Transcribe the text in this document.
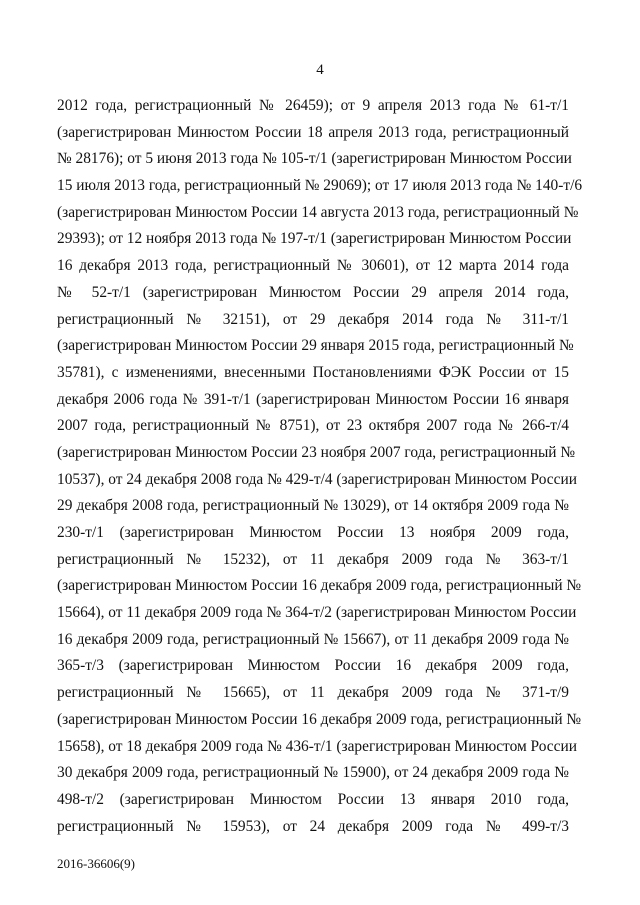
4
2012 года, регистрационный № 26459); от 9 апреля 2013 года № 61-т/1
(зарегистрирован Минюстом России 18 апреля 2013 года, регистрационный
№ 28176); от 5 июня 2013 года № 105-т/1 (зарегистрирован Минюстом России
15 июля 2013 года, регистрационный № 29069); от 17 июля 2013 года № 140-т/6
(зарегистрирован Минюстом России 14 августа 2013 года, регистрационный №
29393); от 12 ноября 2013 года № 197-т/1 (зарегистрирован Минюстом России
16 декабря 2013 года, регистрационный № 30601), от 12 марта 2014 года
№ 52-т/1 (зарегистрирован Минюстом России 29 апреля 2014 года,
регистрационный № 32151), от 29 декабря 2014 года № 311-т/1
(зарегистрирован Минюстом России 29 января 2015 года, регистрационный №
35781), с изменениями, внесенными Постановлениями ФЭК России от 15
декабря 2006 года № 391-т/1 (зарегистрирован Минюстом России 16 января
2007 года, регистрационный № 8751), от 23 октября 2007 года № 266-т/4
(зарегистрирован Минюстом России 23 ноября 2007 года, регистрационный №
10537), от 24 декабря 2008 года № 429-т/4 (зарегистрирован Минюстом России
29 декабря 2008 года, регистрационный № 13029), от 14 октября 2009 года №
230-т/1 (зарегистрирован Минюстом России 13 ноября 2009 года,
регистрационный № 15232), от 11 декабря 2009 года № 363-т/1
(зарегистрирован Минюстом России 16 декабря 2009 года, регистрационный №
15664), от 11 декабря 2009 года № 364-т/2 (зарегистрирован Минюстом России
16 декабря 2009 года, регистрационный № 15667), от 11 декабря 2009 года №
365-т/3 (зарегистрирован Минюстом России 16 декабря 2009 года,
регистрационный № 15665), от 11 декабря 2009 года № 371-т/9
(зарегистрирован Минюстом России 16 декабря 2009 года, регистрационный №
15658), от 18 декабря 2009 года № 436-т/1 (зарегистрирован Минюстом России
30 декабря 2009 года, регистрационный № 15900), от 24 декабря 2009 года №
498-т/2 (зарегистрирован Минюстом России 13 января 2010 года,
регистрационный № 15953), от 24 декабря 2009 года № 499-т/3
2016-36606(9)
